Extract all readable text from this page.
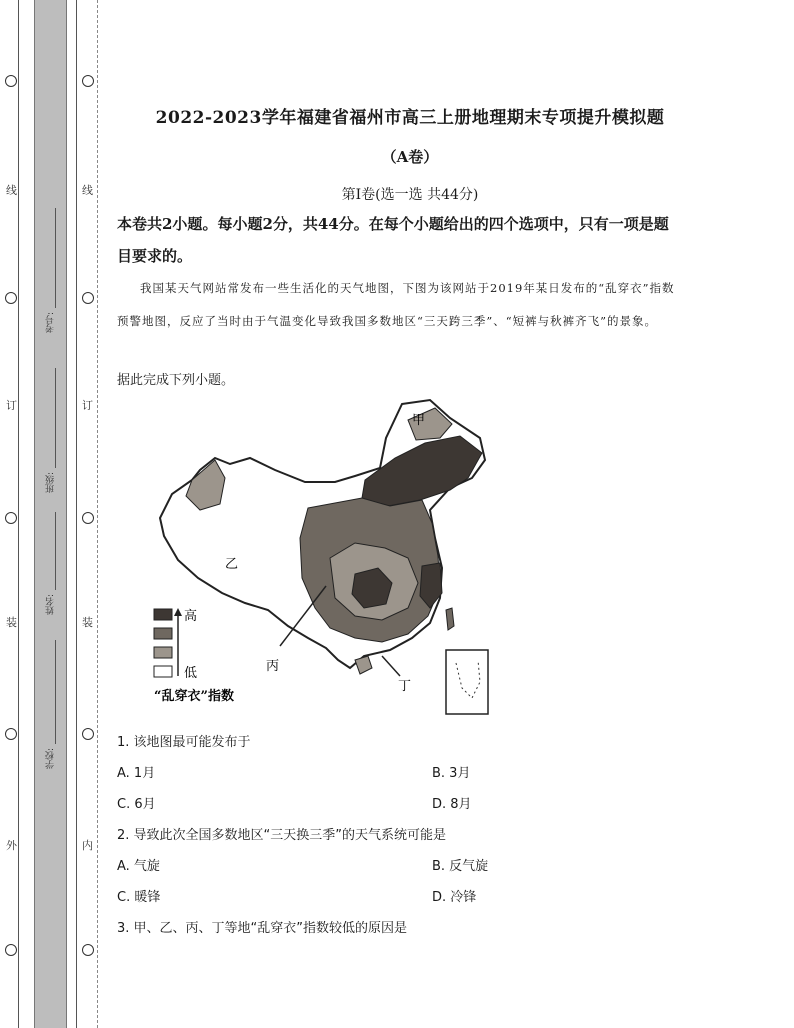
线
订
装
外
线
订
装
内
考号:
班级:
姓名:
学校:
2022-2023学年福建省福州市高三上册地理期末专项提升模拟题
（A卷）
第Ⅰ卷(选一选 共44分)
本卷共2小题。每小题2分，共44分。在每个小题给出的四个选项中，只有一项是题目要求的。
我国某天气网站常发布一些生活化的天气地图，下图为该网站于2019年某日发布的“乱穿衣”指数预警地图，反应了当时由于气温变化导致我国多数地区“三天跨三季”、“短裤与秋裤齐飞”的景象。
据此完成下列小题。
甲
乙
丙
丁
高
低
“乱穿衣”指数
1. 该地图最可能发布于
A. 1月	B. 3月
C. 6月	D. 8月
2. 导致此次全国多数地区“三天换三季”的天气系统可能是
A. 气旋	B. 反气旋
C. 暖锋	D. 冷锋
3. 甲、乙、丙、丁等地“乱穿衣”指数较低的原因是
